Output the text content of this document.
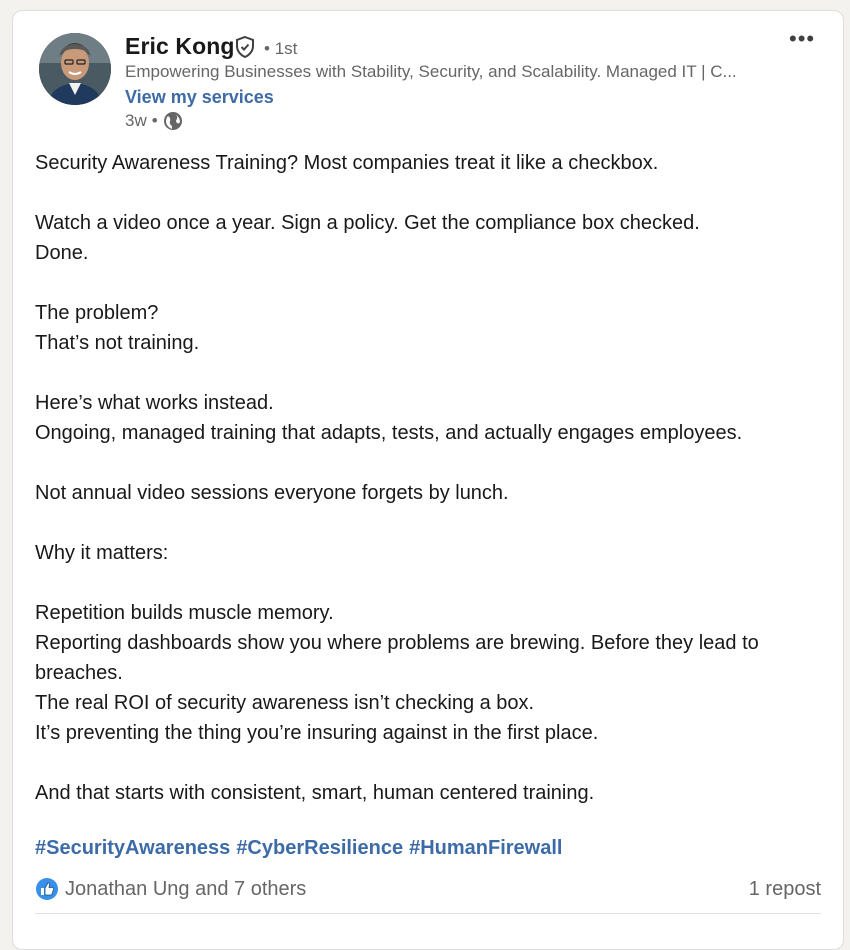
Eric Kong • 1st
Empowering Businesses with Stability, Security, and Scalability. Managed IT | C...
View my services
3w •
•••
Security Awareness Training? Most companies treat it like a checkbox.
Watch a video once a year. Sign a policy. Get the compliance box checked.
Done.
The problem?
That’s not training.
Here’s what works instead.
Ongoing, managed training that adapts, tests, and actually engages employees.
Not annual video sessions everyone forgets by lunch.
Why it matters:
Repetition builds muscle memory.
Reporting dashboards show you where problems are brewing. Before they lead to
breaches.
The real ROI of security awareness isn’t checking a box.
It’s preventing the thing you’re insuring against in the first place.
And that starts with consistent, smart, human centered training.
#SecurityAwareness #CyberResilience #HumanFirewall
Jonathan Ung and 7 others	1 repost
